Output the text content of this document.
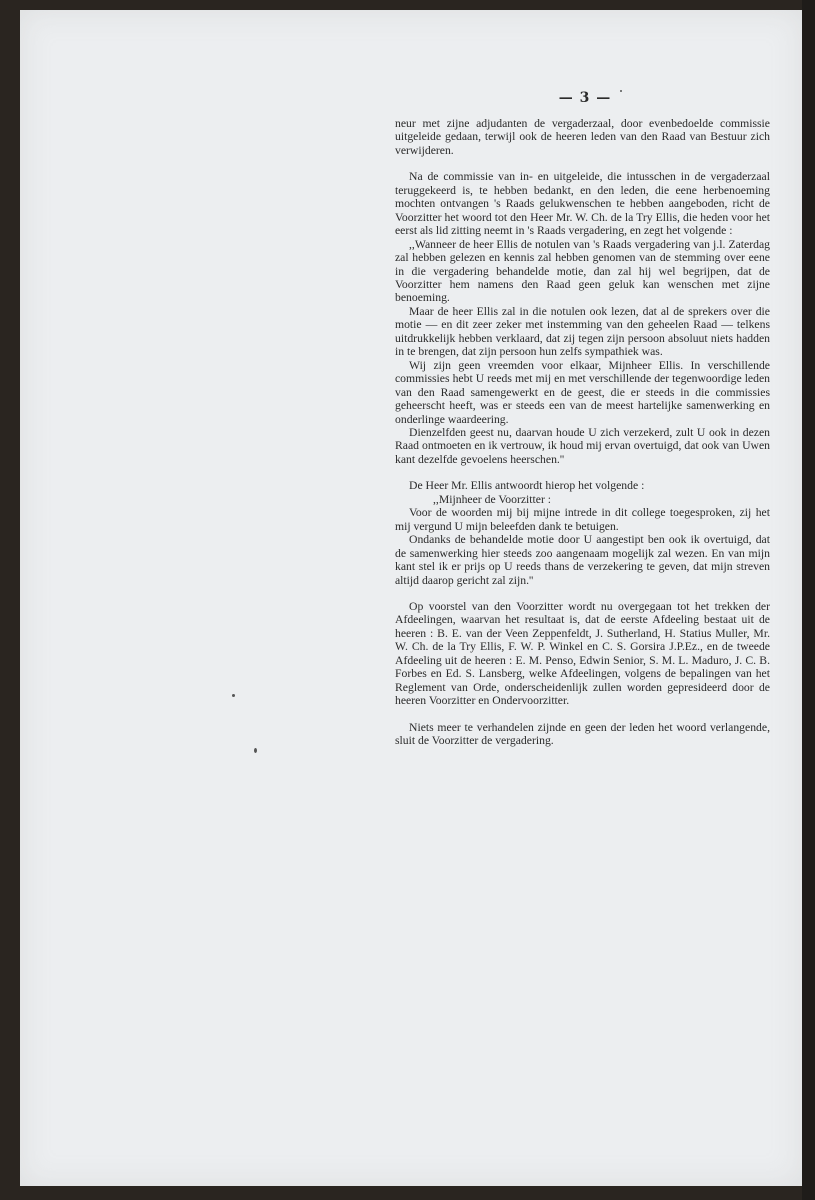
— 3 —

neur met zijne adjudanten de vergaderzaal, door evenbedoelde commissie uitgeleide gedaan, terwijl ook de heeren leden van den Raad van Bestuur zich verwijderen.

Na de commissie van in- en uitgeleide, die intusschen in de vergaderzaal teruggekeerd is, te hebben bedankt, en den leden, die eene herbenoeming mochten ontvangen 's Raads gelukwenschen te hebben aangeboden, richt de Voorzitter het woord tot den Heer Mr. W. Ch. de la Try Ellis, die heden voor het eerst als lid zitting neemt in 's Raads vergadering, en zegt het volgende :

,,Wanneer de heer Ellis de notulen van 's Raads vergadering van j.l. Zaterdag zal hebben gelezen en kennis zal hebben genomen van de stemming over eene in die vergadering behandelde motie, dan zal hij wel begrijpen, dat de Voorzitter hem namens den Raad geen geluk kan wenschen met zijne benoeming.

Maar de heer Ellis zal in die notulen ook lezen, dat al de sprekers over die motie — en dit zeer zeker met instemming van den geheelen Raad — telkens uitdrukkelijk hebben verklaard, dat zij tegen zijn persoon absoluut niets hadden in te brengen, dat zijn persoon hun zelfs sympathiek was.

Wij zijn geen vreemden voor elkaar, Mijnheer Ellis. In verschillende commissies hebt U reeds met mij en met verschillende der tegenwoordige leden van den Raad samengewerkt en de geest, die er steeds in die commissies geheerscht heeft, was er steeds een van de meest hartelijke samenwerking en onderlinge waardeering.

Dienzelfden geest nu, daarvan houde U zich verzekerd, zult U ook in dezen Raad ontmoeten en ik vertrouw, ik houd mij ervan overtuigd, dat ook van Uwen kant dezelfde gevoelens heerschen.''

De Heer Mr. Ellis antwoordt hierop het volgende :

,,Mijnheer de Voorzitter :

Voor de woorden mij bij mijne intrede in dit college toegesproken, zij het mij vergund U mijn beleefden dank te betuigen.

Ondanks de behandelde motie door U aangestipt ben ook ik overtuigd, dat de samenwerking hier steeds zoo aangenaam mogelijk zal wezen. En van mijn kant stel ik er prijs op U reeds thans de verzekering te geven, dat mijn streven altijd daarop gericht zal zijn.''

Op voorstel van den Voorzitter wordt nu overgegaan tot het trekken der Afdeelingen, waarvan het resultaat is, dat de eerste Afdeeling bestaat uit de heeren : B. E. van der Veen Zeppenfeldt, J. Sutherland, H. Statius Muller, Mr. W. Ch. de la Try Ellis, F. W. P. Winkel en C. S. Gorsira J.P.Ez., en de tweede Afdeeling uit de heeren : E. M. Penso, Edwin Senior, S. M. L. Maduro, J. C. B. Forbes en Ed. S. Lansberg, welke Afdeelingen, volgens de bepalingen van het Reglement van Orde, onderscheidenlijk zullen worden gepresideerd door de heeren Voorzitter en Ondervoorzitter.

Niets meer te verhandelen zijnde en geen der leden het woord verlangende, sluit de Voorzitter de vergadering.
